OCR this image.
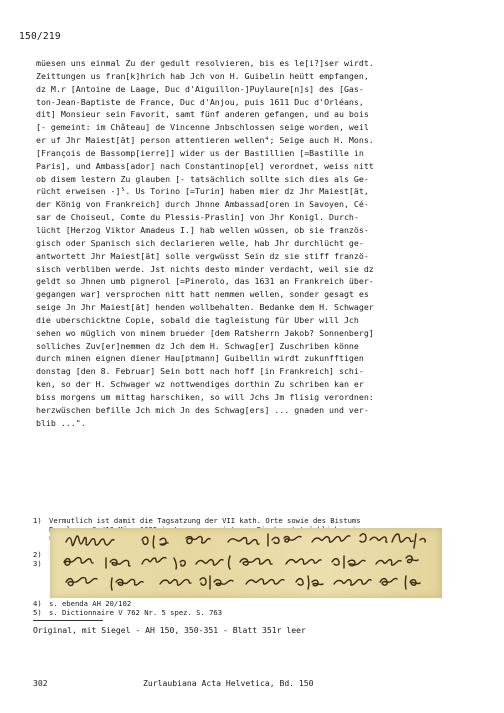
150/219
müesen uns einmal Zu der gedult resolvieren, bis es le[i?]ser wirdt.
Zeittungen us fran[k]hrich hab Jch von H. Guibelin heütt empfangen,
dz M.r [Antoine de Laage, Duc d'Aiguillon-]Puylaure[n]s] des [Gas-
ton-Jean-Baptiste de France, Duc d'Anjou, puis 1611 Duc d'Orléans,
dit] Monsieur sein Favorit, samt fünf anderen gefangen, und au bois
[- gemeint: im Château] de Vincenne Jnbschlossen seige worden, weil
er uf Jhr Maiest[ät] person attentieren wellen⁴; Seige auch H. Mons.
[François de Bassomp[ierre]] wider us der Bastillien [=Bastille in
Paris], und Ambass[ador] nach Constantinop[el] verordnet, weiss nitt
ob disem lestern Zu glauben [- tatsächlich sollte sich dies als Ge-
rücht erweisen -]⁵. Us Torino [=Turin] haben mier dz Jhr Maiest[ät,
der König von Frankreich] durch Jhnne Ambassad[oren in Savoyen, Cé-
sar de Choiseul, Comte du Plessis-Praslin] von Jhr Konigl. Durch-
lücht [Herzog Viktor Amadeus I.] hab wellen wüssen, ob sie französ-
gisch oder Spanisch sich declarieren welle, hab Jhr durchlücht ge-
antwortett Jhr Maiest[ät] solle vergwüsst Sein dz sie stiff franzö-
sisch verbliben werde. Jst nichts desto minder verdacht, weil sie dz
geldt so Jhnen umb pignerol [=Pinerolo, das 1631 an Frankreich über-
gegangen war] versprochen nitt hatt nemmen wellen, sonder gesagt es
seige Jn Jhr Maiest[ät] henden wollbehalten. Bedanke dem H. Schwager
die uberschicktne Copie, sobald die tagleistung für Uber will Jch
sehen wo müglich von minem brueder [dem Ratsherrn Jakob? Sonnenberg]
solliches Zuv[er]nemmen dz Jch dem H. Schwag[er] Zuschriben könne
durch minen eignen diener Hau[ptmann] Guibellin wirdt zukunfftigen
donstag [den 8. Februar] Sein bott nach hoff [in Frankreich] schi-
ken, so der H. Schwager wz nottwendiges dorthin Zu schriben kan er
biss morgens um mittag harschiken, so will Jchs Jm flisig verordnen:
herzwüschen befille Jch mich Jn des Schwag[ers] ... gnaden und ver-
blib ...".
1)	Vermutlich ist damit die Tagsatzung der VII kath. Orte sowie des Bistums
2)
3)
Wallinnen; Gebett sprach der Ordenliche bott... Jabinnan Cundige
4)	s. ebenda AH 20/102
5)	s. Dictionnaire V 762 Nr. 5 spez. S. 763
Original, mit Siegel - AH 150, 350-351 - Blatt 351r leer
302	Zurlaubiana Acta Helvetica, Bd. 150
